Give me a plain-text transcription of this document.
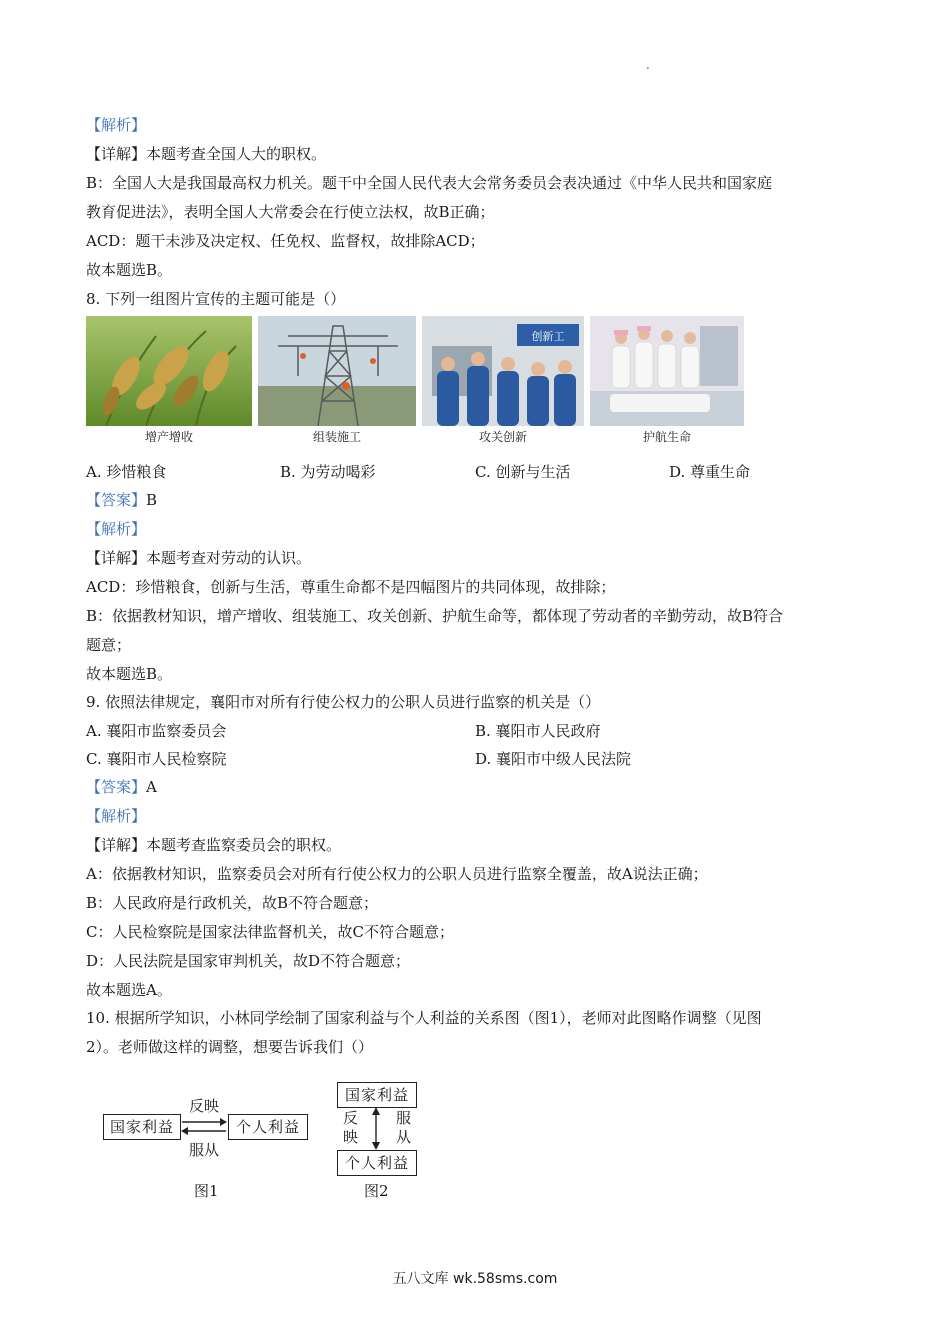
.
【解析】
【详解】本题考查全国人大的职权。
B：全国人大是我国最高权力机关。题干中全国人民代表大会常务委员会表决通过《中华人民共和国家庭
教育促进法》，表明全国人大常委会在行使立法权，故B正确；
ACD：题干未涉及决定权、任免权、监督权，故排除ACD；
故本题选B。
8. 下列一组图片宣传的主题可能是（）
创新工
增产增收	组装施工	攻关创新	护航生命
A. 珍惜粮食	B. 为劳动喝彩	C. 创新与生活	D. 尊重生命
【答案】B
【解析】
【详解】本题考查对劳动的认识。
ACD：珍惜粮食，创新与生活，尊重生命都不是四幅图片的共同体现，故排除；
B：依据教材知识，增产增收、组装施工、攻关创新、护航生命等，都体现了劳动者的辛勤劳动，故B符合
题意；
故本题选B。
9. 依照法律规定，襄阳市对所有行使公权力的公职人员进行监察的机关是（）
A. 襄阳市监察委员会	B. 襄阳市人民政府
C. 襄阳市人民检察院	D. 襄阳市中级人民法院
【答案】A
【解析】
【详解】本题考查监察委员会的职权。
A：依据教材知识，监察委员会对所有行使公权力的公职人员进行监察全覆盖，故A说法正确；
B：人民政府是行政机关，故B不符合题意；
C：人民检察院是国家法律监督机关，故C不符合题意；
D：人民法院是国家审判机关，故D不符合题意；
故本题选A。
10. 根据所学知识，小林同学绘制了国家利益与个人利益的关系图（图1），老师对此图略作调整（见图
2）。老师做这样的调整，想要告诉我们（）
国家利益	个人利益
反映
服从
图1
国家利益
个人利益
反
映
服
从
图2
五八文库 wk.58sms.com
